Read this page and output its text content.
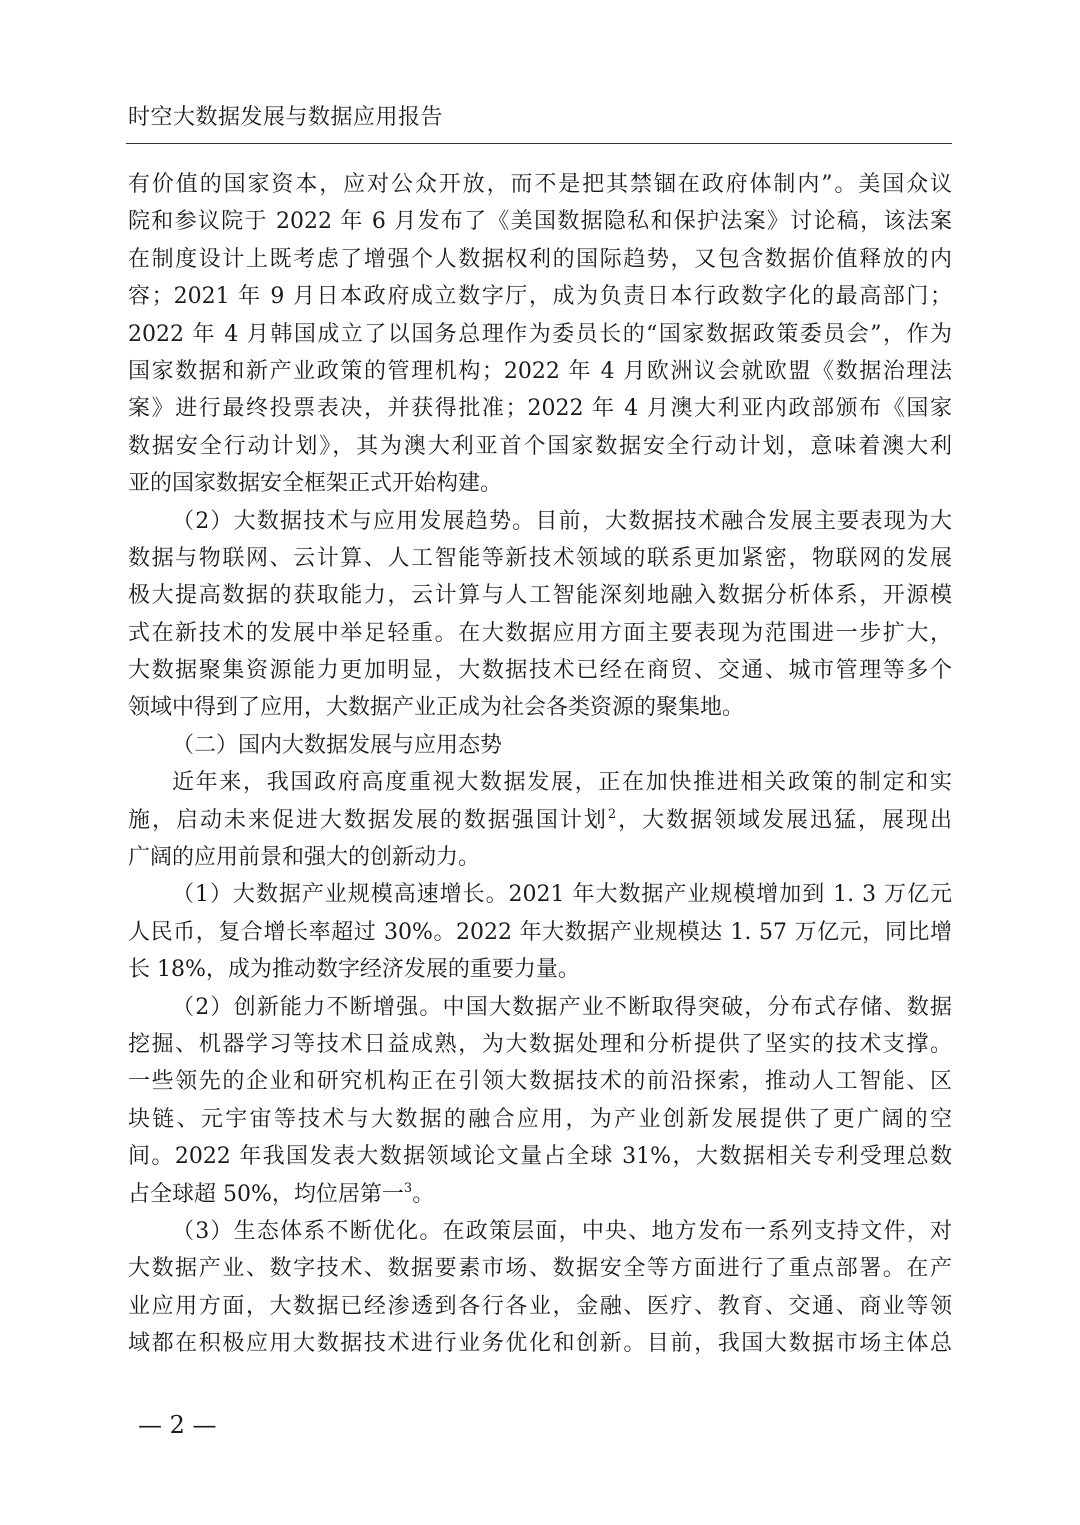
时空大数据发展与数据应用报告
有价值的国家资本，应对公众开放，而不是把其禁锢在政府体制内”。美国众议
院和参议院于 2022 年 6 月发布了《美国数据隐私和保护法案》讨论稿，该法案
在制度设计上既考虑了增强个人数据权利的国际趋势，又包含数据价值释放的内
容；2021 年 9 月日本政府成立数字厅，成为负责日本行政数字化的最高部门；
2022 年 4 月韩国成立了以国务总理作为委员长的“国家数据政策委员会”，作为
国家数据和新产业政策的管理机构；2022 年 4 月欧洲议会就欧盟《数据治理法
案》进行最终投票表决，并获得批准；2022 年 4 月澳大利亚内政部颁布《国家
数据安全行动计划》，其为澳大利亚首个国家数据安全行动计划，意味着澳大利
亚的国家数据安全框架正式开始构建。
（2）大数据技术与应用发展趋势。目前，大数据技术融合发展主要表现为大
数据与物联网、云计算、人工智能等新技术领域的联系更加紧密，物联网的发展
极大提高数据的获取能力，云计算与人工智能深刻地融入数据分析体系，开源模
式在新技术的发展中举足轻重。在大数据应用方面主要表现为范围进一步扩大，
大数据聚集资源能力更加明显，大数据技术已经在商贸、交通、城市管理等多个
领域中得到了应用，大数据产业正成为社会各类资源的聚集地。
（二）国内大数据发展与应用态势
近年来，我国政府高度重视大数据发展，正在加快推进相关政策的制定和实
施，启动未来促进大数据发展的数据强国计划$^2$，大数据领域发展迅猛，展现出
广阔的应用前景和强大的创新动力。
（1）大数据产业规模高速增长。2021 年大数据产业规模增加到 1. 3 万亿元
人民币，复合增长率超过 30%。2022 年大数据产业规模达 1. 57 万亿元，同比增
长 18%，成为推动数字经济发展的重要力量。
（2）创新能力不断增强。中国大数据产业不断取得突破，分布式存储、数据
挖掘、机器学习等技术日益成熟，为大数据处理和分析提供了坚实的技术支撑。
一些领先的企业和研究机构正在引领大数据技术的前沿探索，推动人工智能、区
块链、元宇宙等技术与大数据的融合应用，为产业创新发展提供了更广阔的空
间。2022 年我国发表大数据领域论文量占全球 31%，大数据相关专利受理总数
占全球超 50%，均位居第一$^3$。
（3）生态体系不断优化。在政策层面，中央、地方发布一系列支持文件，对
大数据产业、数字技术、数据要素市场、数据安全等方面进行了重点部署。在产
业应用方面，大数据已经渗透到各行各业，金融、医疗、教育、交通、商业等领
域都在积极应用大数据技术进行业务优化和创新。目前，我国大数据市场主体总
— 2 —
